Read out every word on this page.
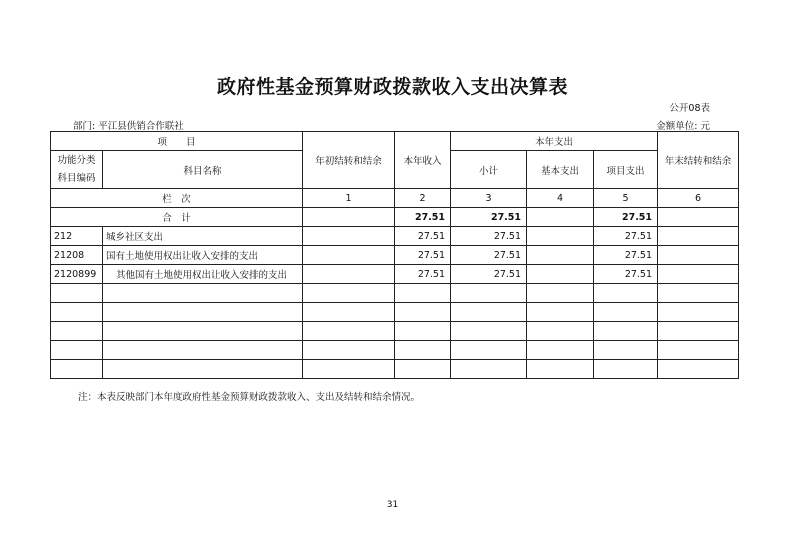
政府性基金预算财政拨款收入支出决算表
公开08表
部门: 平江县供销合作联社	金额单位: 元
项　　目		年初结转和结余	本年收入	本年支出			年末结转和结余

功能分类
科目编码	科目名称			小计	基本支出	项目支出	
栏　次		1	2	3	4	5	6
合　计			27.51	27.51		27.51	
212	城乡社区支出		27.51	27.51		27.51	
21208	国有土地使用权出让收入安排的支出		27.51	27.51		27.51	
2120899	其他国有土地使用权出让收入安排的支出		27.51	27.51		27.51	

注：本表反映部门本年度政府性基金预算财政拨款收入、支出及结转和结余情况。
31
